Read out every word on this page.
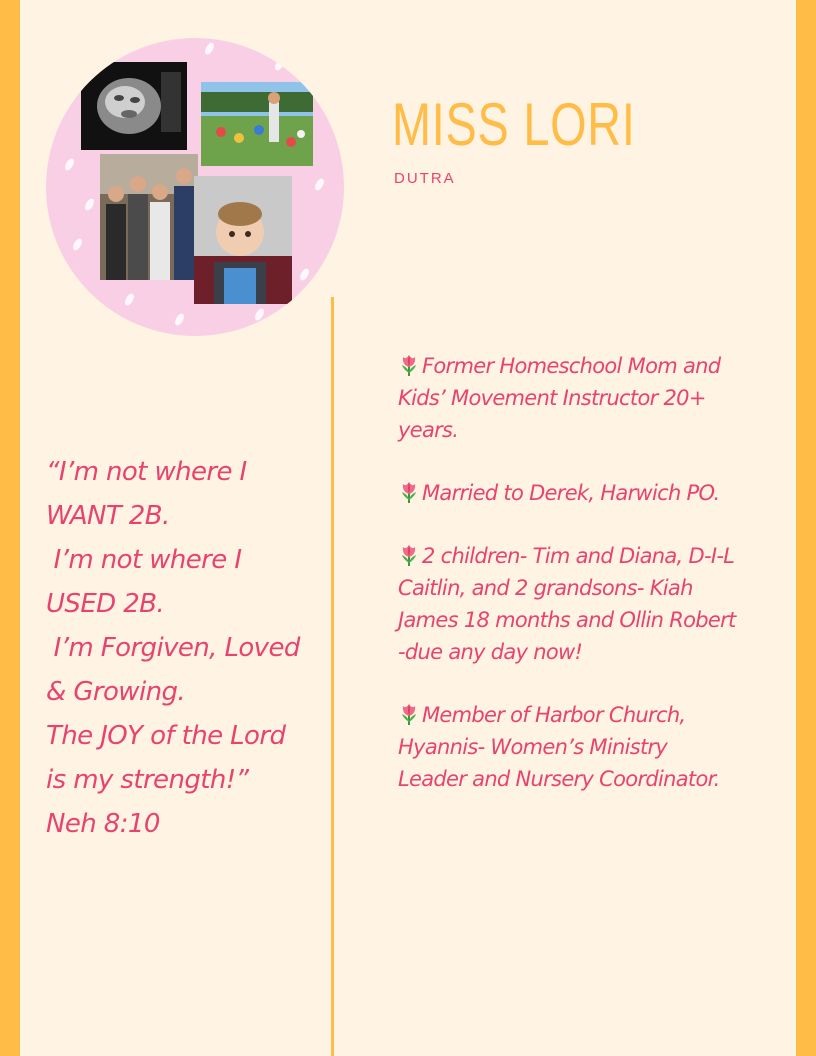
MISS LORI
DUTRA
“I’m not where I
WANT 2B.
I’m not where I
USED 2B.
I’m Forgiven, Loved
& Growing.
The JOY of the Lord
is my strength!”
Neh 8:10
Former Homeschool Mom and Kids’ Movement Instructor 20+ years.
Married to Derek, Harwich PO.
2 children- Tim and Diana, D-I-L Caitlin, and 2 grandsons- Kiah James 18 months and Ollin Robert -due any day now!
Member of Harbor Church, Hyannis- Women’s Ministry Leader and Nursery Coordinator.
